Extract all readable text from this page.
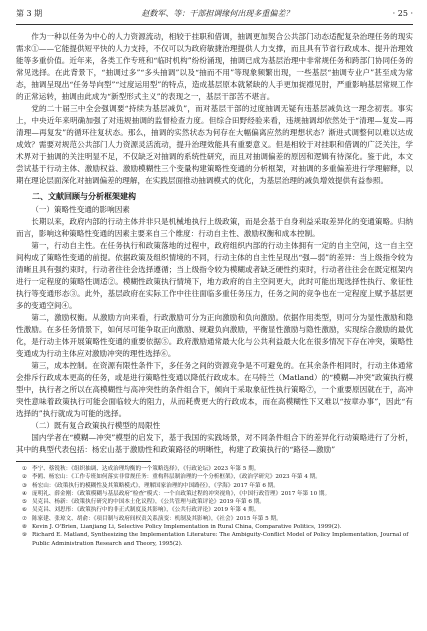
第 3 期	赵数军、等：干部担调缘何出现多重偏差？	· 25 ·

作为一种以任务为中心的人力资源流动，相较于挂职和借调，抽调更加契合公共部门动态适配复杂治理任务的现实需求①——它能提供短平快的人力支持，不仅可以为政府敏捷治理提供人力支撑，而且具有节省行政成本、提升治理效能等多重价值。近年来，各类工作专班和“临时机构”纷纷涌现，抽调已成为基层治理中非常规任务和跨部门协同任务的常见选择。在此背景下，“抽调过多”“多头抽调”以及“抽而不用”等现象频繁出现，一些基层“抽调专业户”甚至成为常态，抽调呈现出“任务导向型”“过度运用型”的特点，造成基层原本就紧缺的人手更加捉襟见肘，严重影响基层常规工作的正常运转，抽调由此成为“新型形式主义”的表现之一，基层干部苦不堪言。

党的二十届三中全会强调要“持续为基层减负”，而对基层干部的过度抽调无疑有违基层减负这一理念初衷。事实上，中央近年来明确加强了对违规抽调的监督检查力度。但综合田野经验来看，违规抽调却依然处于“清理—复发—再清理—再复发”的循环往复状态。那么，抽调的实然状态为何存在大幅偏离应然的理想状态？渐进式调整何以难以达成成效？需要对规范公共部门人力资源灵活流动，提升治理效能具有重要意义。但是相较于对挂职和借调的广泛关注，学术界对于抽调的关注明显不足，不仅缺乏对抽调的系统性研究，而且对抽调偏差的原因和逻辑有待深化。鉴于此，本文尝试基于行动主体、激励权益、激励模糊性三个变量构建策略性变通的分析框架，对抽调的多重偏差进行学理解释，以期在理论层面深化对抽调偏差的理解，在实践层面推动抽调模式的优化，为基层治理的减负增效提供有益参照。

二、文献回顾与分析框架建构
（一）策略性变通的影响因素

长期以来，政府内部的行动主体并非只是机械地执行上级政策，而是会基于自身利益采取差异化的变通策略。归纳而言，影响这种策略性变通的因素主要来自三个维度：行动自主性、激励权衡和成本控制。

第一，行动自主性。在任务执行和政策落地的过程中，政府组织内部的行动主体拥有一定的自主空间，这一自主空间构成了策略性变通的前提。依据政策及组织情境的不同，行动主体的自主性呈现出“强—弱”的差异：当上级指令较为清晰且具有强约束时，行动者往往会选择遵循；当上级指令较为模糊或者缺乏硬性约束时，行动者往往会在既定框架内进行一定程度的策略性调适②。模糊性政策执行情境下，地方政府的自主空间更大，此时可能出现选择性执行、象征性执行等变通形态③。此外，基层政府在实际工作中往往面临多重任务压力，任务之间的竞争也在一定程度上赋予基层更多的变通空间④。

第二，激励权衡。从激励方向来看，行政激励可分为正向激励和负向激励。依据作用类型，则可分为显性激励和隐性激励。在多任务情景下，如何尽可能争取正向激励、规避负向激励，平衡显性激励与隐性激励，实现综合激励的最优化，是行动主体开展策略性变通的重要依据⑤。政府激励通常最大化与公共利益最大化在很多情况下存在冲突，策略性变通成为行动主体应对激励冲突的理性选择⑥。

第三，成本控制。在资源有限性条件下，多任务之间的资源竞争是不可避免的。在其余条件相同时，行动主体通常会排斥行政成本更高的任务，或是进行策略性变通以降低行政成本。在马特兰（Matland）的“模糊—冲突”政策执行模型中，执行者之所以在高模糊性与高冲突性的条件组合下，倾向于采取象征性执行策略⑦，一个重要原因就在于，高冲突性意味着政策执行可能会面临较大的阻力，从而耗费更大的行政成本，而在高模糊性下又难以“按章办事”，因此“有选择的”执行就成为可能的选择。

（二）既有复合政策执行模型的局限性

国内学者在“模糊—冲突”模型的启发下，基于我国的实践场景，对不同条件组合下的差异化行动策略进行了分析，其中的典型代表包括：杨宏山基于激励性和政策路径的明晰性，构建了政策执行的“路径—激励”

① 李宁、蔡锐秋：《组织抽调、达成治理均衡的一个策略选择》，《行政论坛》2023 年第 5 期。

② 李鸥、杨宏山：《工作专班如何落实非常规任务：重构科层制治理的一个分析框架》，《政治学研究》2023 年第 4 期。

③ 杨宏山：《政策执行的模糊性及其策略模式》，理解国家治理的中国路径》，《学海》2017 年第 6 期。

④ 庞明礼、薛金刚：《政策模糊与基层政府“检查”模式：一个自政策过程的冲突视角》，《中国行政管理》2017 年第 10 期。

⑤ 吴克昌、杨新：《政策执行研究的中国本土化议程》，《公共管理与政策评论》2019 年第 6 期。

⑥ 吴克昌、刘思彤：《政策执行中的非正式制度及其影响》，《公共行政评论》2019 年第 4 期。

⑦ 陈家建、张琼文、胡俞：《项目制与政府间权责关系演变：机制及其影响》，《社会》2015 年第 5 期。

⑧ Kevin J. O'Brien, Lianjiang Li, Selective Policy Implementation in Rural China, Comparative Politics, 1999(2).

⑨ Richard E. Matland, Synthesizing the Implementation Literature: The Ambiguity-Conflict Model of Policy Implementation, Journal of Public Administration Research and Theory, 1995(2).
